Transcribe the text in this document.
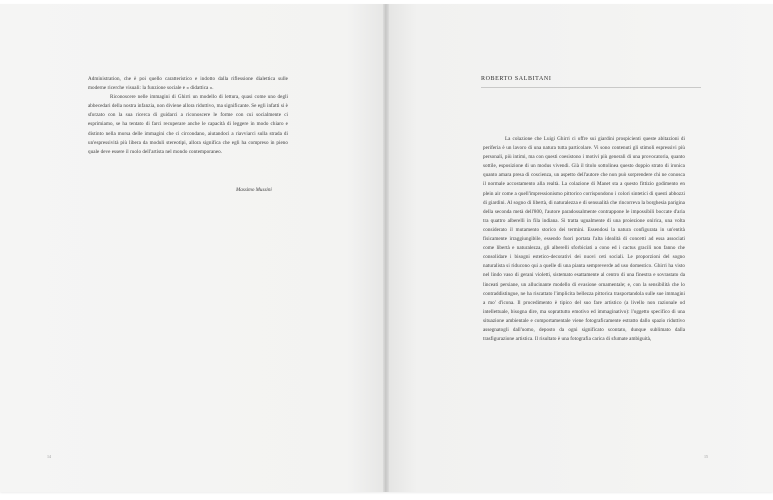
Administration, che è poi quello caratteristico e indotto dalla riflessione dialettica sulle moderne ricerche visuali: la funzione sociale e « didattica ».

Riconoscere nelle immagini di Ghirri un modello di lettura, quasi come uno degli abbecedari della nostra infanzia, non diviene allora riduttivo, ma significante. Se egli infatti si è sforzato con la sua ricerca di guidarci a riconoscere le forme con cui socialmente ci esprimiamo, se ha tentato di farci recuperare anche le capacità di leggere in modo chiaro e distinto nella morsa delle immagini che ci circondano, aiutandoci a riavviarci sulla strada di un'espressività più libera da moduli stereotipi, allora significa che egli ha compreso in pieno quale deve essere il ruolo dell'artista nel mondo contemporaneo.

Massimo Mussini
14
ROBERTO SALBITANI

La colazione che Luigi Ghirri ci offre sui giardini prospicienti queste abitazioni di periferia è un lavoro di una natura tutta particolare. Vi sono contenuti gli stimoli espressivi più personali, più intimi, ma con questi coesistono i motivi più generali di una provocatoria, quanto sottile, esposizione di un modus vivendi. Già il titolo sottolinea questo doppio strato di ironica quanto amara presa di coscienza, un aspetto dell'autore che non può sorprendere chi ne conosca il normale accostamento alla realtà. La colazione di Manet sta a questo fittizio godimento en plein air come a quell'impressionismo pittorico corrispondono i colori sintetici di questi abbozzi di giardini. Al sogno di libertà, di naturalezza e di sensualità che rincorreva la borghesia parigina della seconda metà dell'800, l'autore paradossalmente contrappone le impossibili boccate d'aria tra quattro alberelli in fila indiana. Si tratta ugualmente di una proiezione onirica, una volta considerato il mutamento storico dei termini. Essendosi la natura configurata in un'entità fisicamente irraggiungibile, essendo fuori portata l'alta idealità di concetti ad essa associati come libertà e naturalezza, gli alberelli sforbiciati a cono ed i cactus gracili non fanno che consolidare i bisogni estetico-decorativi dei nuovi ceti sociali. Le proporzioni del sogno naturalista si riducono qui a quelle di una pianta sempreverde ad uso domestico. Ghirri ha visto nel lindo vaso di gerani violetti, sistemato esattamente al centro di una finestra e sovrastato da linceati persiane, un allucinante modello di evasione ornamentale; e, con la sensibilità che lo contraddistingue, ne ha riscattato l'implicita bellezza pittorica trasportandola sulle sue immagini a mo' d'icona. Il procedimento è tipico del suo fare artistico (a livello non razionale od intellettuale, bisogna dire, ma soprattutto emotivo ed immaginativo): l'oggetto specifico di una situazione ambientale e comportamentale viene fotograficamente estratto dallo spazio riduttivo assegnatogli dall'uomo, deposto da ogni significato scontato, dunque sublimato dalla trasfigurazione artistica. Il risultato è una fotografia carica di sfumate ambiguità,

15
